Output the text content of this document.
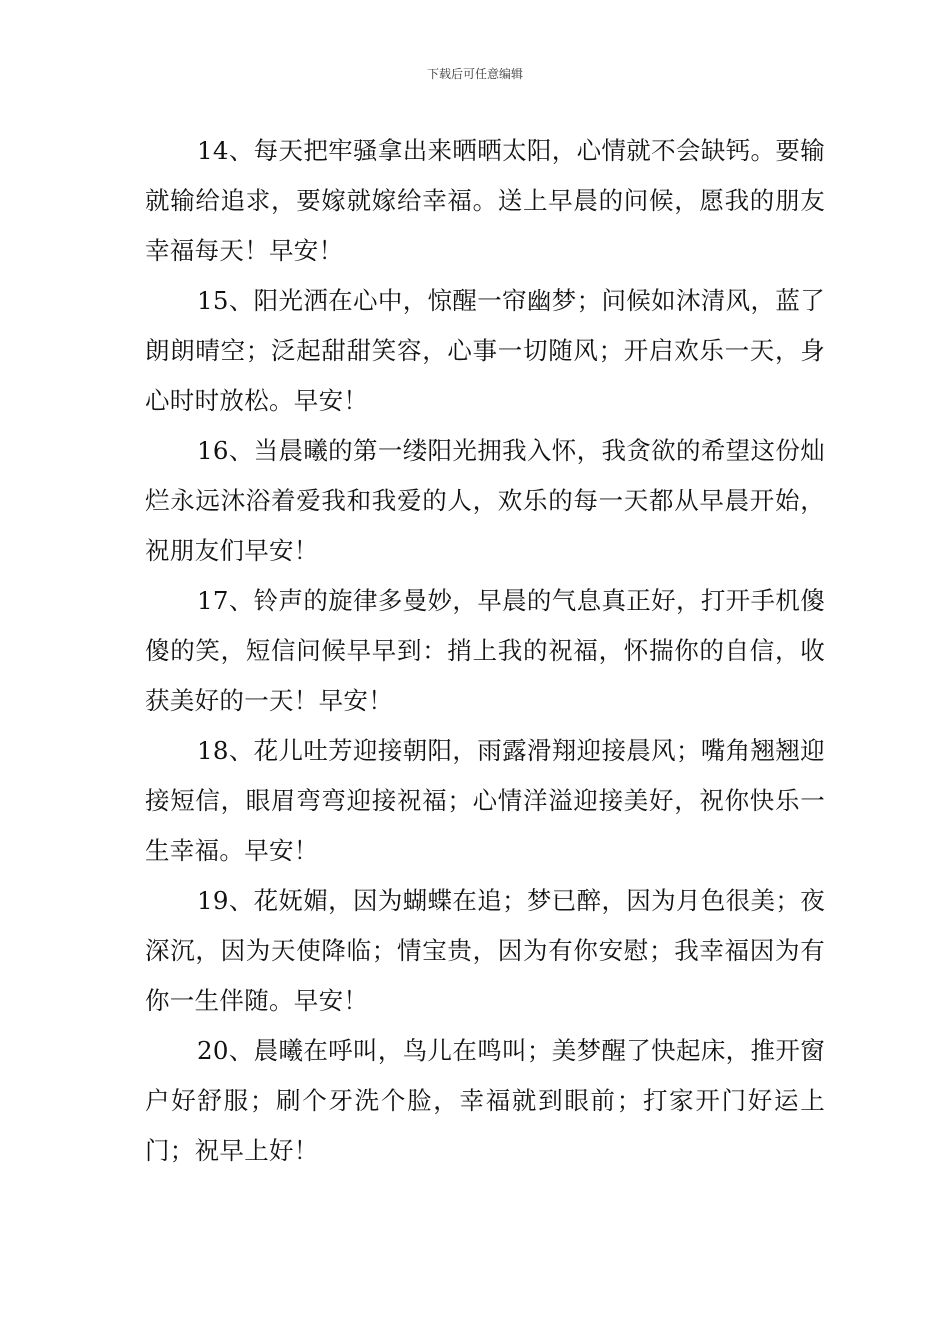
下载后可任意编辑

14、每天把牢骚拿出来晒晒太阳，心情就不会缺钙。要输就输给追求，要嫁就嫁给幸福。送上早晨的问候，愿我的朋友幸福每天！早安！

15、阳光洒在心中，惊醒一帘幽梦；问候如沐清风，蓝了朗朗晴空；泛起甜甜笑容，心事一切随风；开启欢乐一天，身心时时放松。早安！

16、当晨曦的第一缕阳光拥我入怀，我贪欲的希望这份灿烂永远沐浴着爱我和我爱的人，欢乐的每一天都从早晨开始，祝朋友们早安！

17、铃声的旋律多曼妙，早晨的气息真正好，打开手机傻傻的笑，短信问候早早到：捎上我的祝福，怀揣你的自信，收获美好的一天！早安！

18、花儿吐芳迎接朝阳，雨露滑翔迎接晨风；嘴角翘翘迎接短信，眼眉弯弯迎接祝福；心情洋溢迎接美好，祝你快乐一生幸福。早安！

19、花妩媚，因为蝴蝶在追；梦已醉，因为月色很美；夜深沉，因为天使降临；情宝贵，因为有你安慰；我幸福因为有你一生伴随。早安！

20、晨曦在呼叫，鸟儿在鸣叫；美梦醒了快起床，推开窗户好舒服；刷个牙洗个脸，幸福就到眼前；打家开门好运上门；祝早上好！
